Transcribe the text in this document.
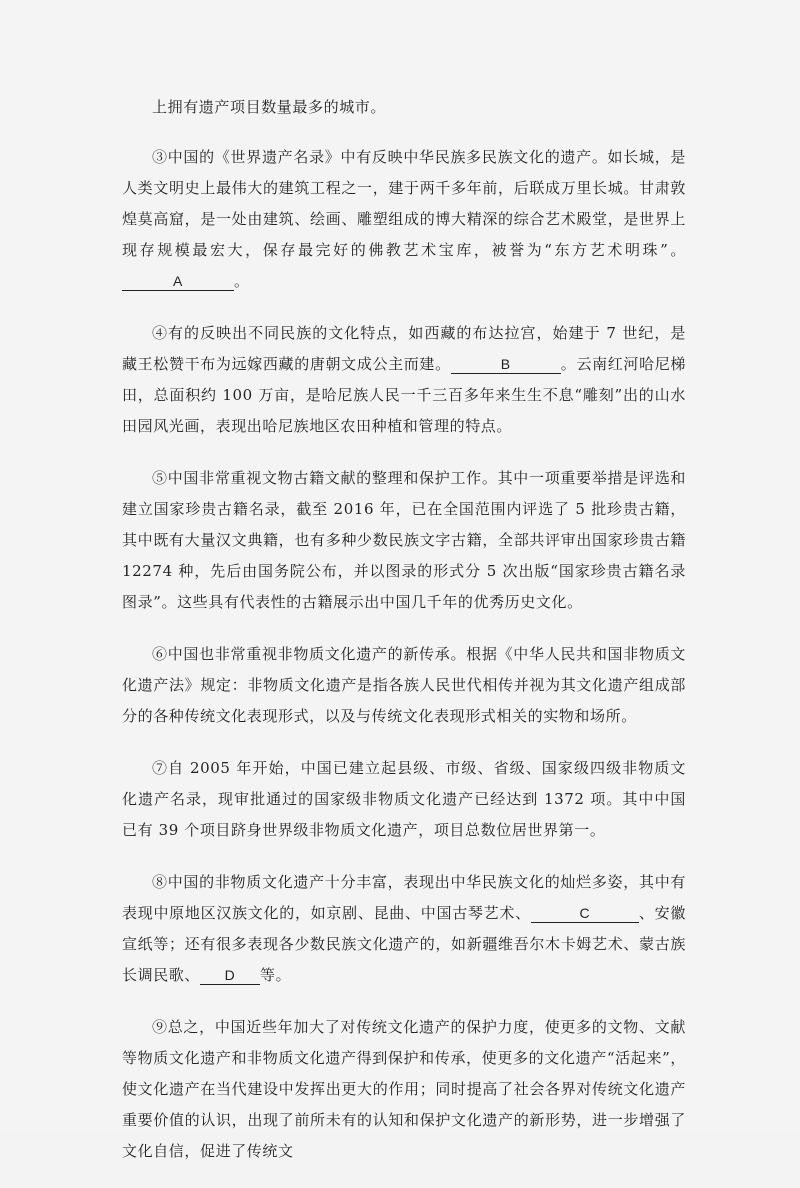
上拥有遗产项目数量最多的城市。

③中国的《世界遗产名录》中有反映中华民族多民族文化的遗产。如长城，是人类文明史上最伟大的建筑工程之一，建于两千多年前，后联成万里长城。甘肃敦煌莫高窟，是一处由建筑、绘画、雕塑组成的博大精深的综合艺术殿堂，是世界上现存规模最宏大，保存最完好的佛教艺术宝库，被誉为“东方艺术明珠”。A	。

④有的反映出不同民族的文化特点，如西藏的布达拉宫，始建于 7 世纪，是藏王松赞干布为远嫁西藏的唐朝文成公主而建。	B	。云南红河哈尼梯田，总面积约 100 万亩，是哈尼族人民一千三百多年来生生不息“雕刻”出的山水田园风光画，表现出哈尼族地区农田种植和管理的特点。

⑤中国非常重视文物古籍文献的整理和保护工作。其中一项重要举措是评选和建立国家珍贵古籍名录，截至 2016 年，已在全国范围内评选了 5 批珍贵古籍，其中既有大量汉文典籍，也有多种少数民族文字古籍，全部共评审出国家珍贵古籍 12274 种，先后由国务院公布，并以图录的形式分 5 次出版“国家珍贵古籍名录图录”。这些具有代表性的古籍展示出中国几千年的优秀历史文化。

⑥中国也非常重视非物质文化遗产的新传承。根据《中华人民共和国非物质文化遗产法》规定：非物质文化遗产是指各族人民世代相传并视为其文化遗产组成部分的各种传统文化表现形式，以及与传统文化表现形式相关的实物和场所。

⑦自 2005 年开始，中国已建立起县级、市级、省级、国家级四级非物质文化遗产名录，现审批通过的国家级非物质文化遗产已经达到 1372 项。其中中国已有 39 个项目跻身世界级非物质文化遗产，项目总数位居世界第一。

⑧中国的非物质文化遗产十分丰富，表现出中华民族文化的灿烂多姿，其中有表现中原地区汉族文化的，如京剧、昆曲、中国古琴艺术、	C	、安徽宣纸等；还有很多表现各少数民族文化遗产的，如新疆维吾尔木卡姆艺术、蒙古族长调民歌、 D 等。

⑨总之，中国近些年加大了对传统文化遗产的保护力度，使更多的文物、文献等物质文化遗产和非物质文化遗产得到保护和传承，使更多的文化遗产“活起来”，使文化遗产在当代建设中发挥出更大的作用；同时提高了社会各界对传统文化遗产重要价值的认识，出现了前所未有的认知和保护文化遗产的新形势，进一步增强了文化自信，促进了传统文
